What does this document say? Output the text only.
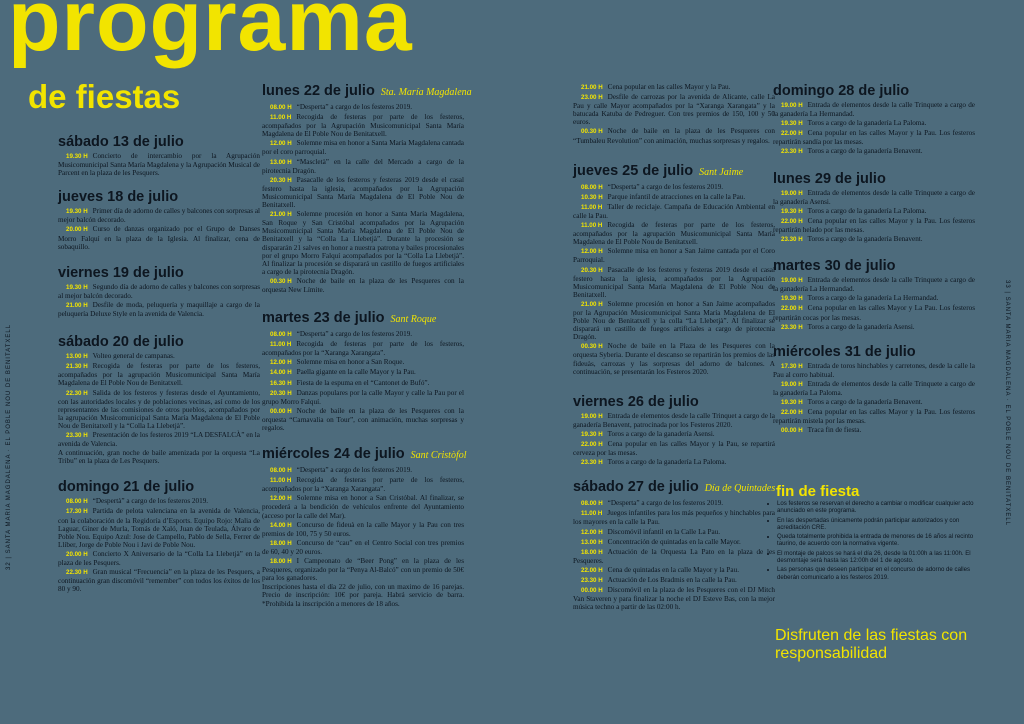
programa
de fiestas
32 | SANTA MARIA MAGDALENA · EL POBLE NOU DE BENITATXELL	33 | SANTA MARIA MAGDALENA · EL POBLE NOU DE BENITATXELL
sábado 13 de julio
19.30 H Concierto de intercambio por la Agrupación Musicomunicipal Santa María Magdalena y la Agrupación Musical de Parcent en la plaza de les Pesquers.
jueves 18 de julio
19.30 H Primer día de adorno de calles y balcones con sorpresas al mejor balcón decorado.
20.00 H Curso de danzas organizado por el Grupo de Danses Morro Falquí en la plaza de la Iglesia. Al finalizar, cena de sobaquillo.
viernes 19 de julio
19.30 H Segundo día de adorno de calles y balcones con sorpresas al mejor balcón decorado.
21.00 H Desfile de moda, peluquería y maquillaje a cargo de la peluquería Deluxe Style en la avenida de Valencia.
sábado 20 de julio
13.00 H Volteo general de campanas.
21.30 H Recogida de festeras por parte de los festeros, acompañados por la agrupación Musicomunicipal Santa María Magdalena de El Poble Nou de Benitatxell.
22.30 H Salida de los festeros y festeras desde el Ayuntamiento, con las autoridades locales y de poblaciones vecinas, así como de los representantes de las comisiones de otros pueblos, acompañados por la agrupación Musicomunicipal Santa María Magdalena de El Poble Nou de Benitatxell y la “Colla La Llebetjà”.
23.30 H Presentación de los festeros 2019 “LA DESFALCÀ” en la avenida de Valencia.
A continuación, gran noche de baile amenizada por la orquesta “La Tribu” en la plaza de Les Pesquers.
domingo 21 de julio
08.00 H “Despertà” a cargo de los festeros 2019.
17.30 H Partida de pelota valenciana en la avenida de Valencia, con la colaboración de la Regidoría d’Esports. Equipo Rojo: Malia de Laguar, Giner de Murla, Tomás de Xaló, Juan de Teulada, Álvaro de Poble Nou. Equipo Azul: Jose de Campello, Pablo de Sella, Ferrer de Llíber, Jorge de Poble Nou i Javi de Poble Nou.
20.00 H Concierto X Aniversario de la “Colla La Llebetjà” en la plaza de les Pesquers.
22.30 H Gran musical “Frecuencia” en la plaza de les Pesquers, a continuación gran discomóvil “remember” con todos los éxitos de los 80 y 90.
lunes 22 de julio Sta. María Magdalena
08.00 H “Desperta” a cargo de los festeros 2019.
11.00 H Recogida de festeras por parte de los festeros, acompañados por la Agrupación Musicomunicipal Santa María Magdalena de El Poble Nou de Benitatxell.
12.00 H Solemne misa en honor a Santa María Magdalena cantada por el coro parroquial.
13.00 H “Mascletà” en la calle del Mercado a cargo de la pirotecnia Dragón.
20.30 H Pasacalle de los festeros y festeras 2019 desde el casal festero hasta la iglesia, acompañados por la Agrupación Musicomunicipal Santa María Magdalena de El Poble Nou de Benitatxell.
21.00 H Solemne procesión en honor a Santa María Magdalena, San Roque y San Cristóbal acompañados por la Agrupación Musicomunicipal Santa María Magdalena de El Poble Nou de Benitatxell y la “Colla La Llebetjà”. Durante la procesión se dispararán 21 salves en honor a nuestra patrona y bailes procesionales por el grupo Morro Falquí acompañados por la “Colla La Llebetjà”. Al finalizar la procesión se disparará un castillo de fuegos artificiales a cargo de la pirotecnia Dragón.
00.30 H Noche de baile en la plaza de les Pesqueres con la orquesta New Límite.
martes 23 de julio Sant Roque
08.00 H “Desperta” a cargo de los festeros 2019.
11.00 H Recogida de festeras por parte de los festeros, acompañados por la “Xaranga Xarangata”.
12.00 H Solemne misa en honor a San Roque.
14.00 H Paella gigante en la calle Mayor y la Pau.
16.30 H Fiesta de la espuma en el “Cantonet de Bufó”.
20.30 H Danzas populares por la calle Mayor y calle la Pau por el grupo Morro Falquí.
00.00 H Noche de baile en la plaza de les Pesqueres con la orquesta “Carnavalia on Tour”, con animación, muchas sorpresas y regalos.
miércoles 24 de julio Sant Cristòfol
08.00 H “Desperta” a cargo de los festeros 2019.
11.00 H Recogida de festeras por parte de los festeros, acompañados por la “Xaranga Xarangata”.
12.00 H Solemne misa en honor a San Cristóbal. Al finalizar, se procederá a la bendición de vehículos enfrente del Ayuntamiento (acceso por la calle del Mar).
14.00 H Concurso de fideuà en la calle Mayor y la Pau con tres premios de 100, 75 y 50 euros.
18.00 H Concurso de “cau” en el Centro Social con tres premios de 60, 40 y 20 euros.
18.00 H I Campeonato de “Beer Pong” en la plaza de les Pesqueres, organizado por la “Penya Al-Balcó” con un premio de 50€ para los ganadores.
Inscripciones hasta el día 22 de julio, con un maximo de 16 parejas. Precio de inscripción: 10€ por pareja. Habrá servicio de barra. *Prohibida la inscripción a menores de 18 años.
21.00 H Cena popular en las calles Mayor y la Pau.
23.00 H Desfile de carrozas por la avenida de Alicante, calle La Pau y calle Mayor acompañados por la “Xaranga Xarangata” y la batucada Katuba de Pedreguer. Con tres premios de 150, 100 y 50 euros.
00.30 H Noche de baile en la plaza de les Pesqueres con “Tumbaleu Revolution” con animación, muchas sorpresas y regalos.
jueves 25 de julio Sant Jaime
08.00 H “Desperta” a cargo de los festeros 2019.
10.30 H Parque infantil de atracciones en la calle la Pau.
11.00 H Taller de reciclaje. Campaña de Educación Ambiental en calle la Pau.
11.00 H Recogida de festeras por parte de los festeros, acompañados por la agrupación Musicomunicipal Santa María Magdalena de El Poble Nou de Benitatxell.
12.00 H Solemne misa en honor a San Jaime cantada por el Coro Parroquial.
20.30 H Pasacalle de los festeros y festeras 2019 desde el casal festero hasta la iglesia, acompañados por la Agrupación Musicomunicipal Santa María Magdalena de El Poble Nou de Benitatxell.
21.00 H Solemne procesión en honor a San Jaime acompañados por la Agrupación Musicomunicipal Santa María Magdalena de El Poble Nou de Benitatxell y la colla “La Llebetjà”. Al finalizar se disparará un castillo de fuegos artificiales a cargo de pirotecnia Dragón.
00.30 H Noche de baile en la Plaza de les Pesqueres con la orquesta Syberia. Durante el descanso se repartirán los premios de las fideuàs, carrozas y las sorpresas del adorno de balcones. A continuación, se presentarán los Festeros 2020.
viernes 26 de julio
19.00 H Entrada de elementos desde la calle Trinquet a cargo de la ganadería Benavent, patrocinada por los Festeros 2020.
19.30 H Toros a cargo de la ganadería Asensi.
22.00 H Cena popular en las calles Mayor y la Pau, se repartirá cerveza por las mesas.
23.30 H Toros a cargo de la ganadería La Paloma.
sábado 27 de julio Día de Quintades
08.00 H “Desperta” a cargo de los festeros 2019.
11.00 H Juegos infantiles para los más pequeños y hinchables para los mayores en la calle la Pau.
12.00 H Discomóvil infantil en la Calle La Pau.
13.00 H Concentración de quintadas en la calle Mayor.
18.00 H Actuación de la Orquesta La Pato en la plaza de les Pesqueres.
22.00 H Cena de quintadas en la calle Mayor y la Pau.
23.30 H Actuación de Los Bradmis en la calle la Pau.
00.00 H Discomóvil en la plaza de les Pesqueres con el DJ Mitch Van Staveren y para finalizar la noche el DJ Esteve Bas, con la mejor música techno a partir de las 02:00 h.
domingo 28 de julio
19.00 H Entrada de elementos desde la calle Trinquete a cargo de la ganadería La Hermandad.
19.30 H Toros a cargo de la ganadería La Paloma.
22.00 H Cena popular en las calles Mayor y la Pau. Los festeros repartirán sandía por las mesas.
23.30 H Toros a cargo de la ganadería Benavent.
lunes 29 de julio
19.00 H Entrada de elementos desde la calle Trinquete a cargo de la ganadería Asensi.
19.30 H Toros a cargo de la ganadería La Paloma.
22.00 H Cena popular en las calles Mayor y la Pau. Los festeros repartirán helado por las mesas.
23.30 H Toros a cargo de la ganadería Benavent.
martes 30 de julio
19.00 H Entrada de elementos desde la calle Trinquete a cargo de la ganadería La Hermandad.
19.30 H Toros a cargo de la ganadería La Hermandad.
22.00 H Cena popular en las calles Mayor y La Pau. Los festeros repartirán cocas por las mesas.
23.30 H Toros a cargo de la ganadería Asensi.
miércoles 31 de julio
17.30 H Entrada de toros hinchables y carretones, desde la calle la Pau al corro habitual.
19.00 H Entrada de elementos desde la calle Trinquete a cargo de la ganadería La Paloma.
19.30 H Toros a cargo de la ganadería Benavent.
22.00 H Cena popular en las calles Mayor y la Pau. Los festeros repartirán mistela por las mesas.
00.00 H Traca fin de fiesta.
fin de fiesta
• Los festeros se reservan el derecho a cambiar o modificar cualquier acto anunciado en este programa.
• En las despertadas únicamente podrán participar autorizados y con acreditación CRE.
• Queda totalmente prohibida la entrada de menores de 16 años al recinto taurino, de acuerdo con la normativa vigente.
• El montaje de palcos se hará el día 26, desde la 01:00h a las 11:00h. El desmontaje será hasta las 12:00h del 1 de agosto.
• Las personas que deseen participar en el concurso de adorno de calles deberán comunicarlo a los festeros 2019.
Disfruten de las fiestas con responsabilidad
